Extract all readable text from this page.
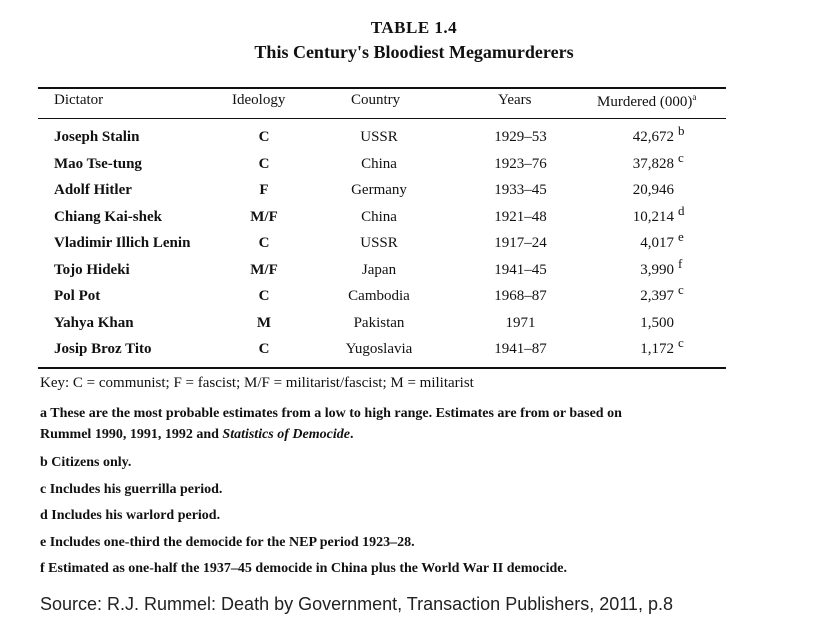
TABLE 1.4
This Century's Bloodiest Megamurderers
Dictator	Ideology	Country	Years	Murdered $(000)^a$
Joseph Stalin	C	USSR	1929–53	42,672 b
Mao Tse-tung	C	China	1923–76	37,828 c
Adolf Hitler	F	Germany	1933–45	20,946
Chiang Kai-shek	M/F	China	1921–48	10,214 d
Vladimir Illich Lenin	C	USSR	1917–24	4,017 e
Tojo Hideki	M/F	Japan	1941–45	3,990 f
Pol Pot	C	Cambodia	1968–87	2,397 c
Yahya Khan	M	Pakistan	1971	1,500
Josip Broz Tito	C	Yugoslavia	1941–87	1,172 c
Key: C = communist; F = fascist; M/F = militarist/fascist; M = militarist
a These are the most probable estimates from a low to high range. Estimates are from or based on
Rummel 1990, 1991, 1992 and Statistics of Democide.
b Citizens only.
c Includes his guerrilla period.
d Includes his warlord period.
e Includes one-third the democide for the NEP period 1923–28.
f Estimated as one-half the 1937–45 democide in China plus the World War II democide.
Source: R.J. Rummel: Death by Government, Transaction Publishers, 2011, p.8
